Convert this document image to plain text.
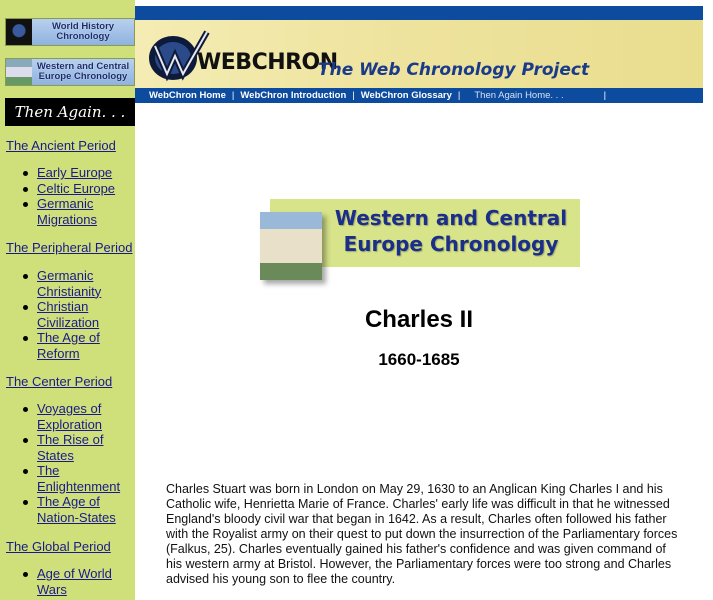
World History Chronology
Western and Central Europe Chronology
Then Again. . .
The Ancient Period
Early Europe
Celtic Europe
Germanic Migrations
The Peripheral Period
Germanic Christianity
Christian Civilization
The Age of Reform
The Center Period
Voyages of Exploration
The Rise of States
The Enlightenment
The Age of Nation-States
The Global Period
Age of World Wars
WEBCHRON
The Web Chronology Project
WebChron Home | WebChron Introduction | WebChron Glossary | Then Again Home. . .	|
Western and Central
Europe Chronology
Charles II
1660-1685

Charles Stuart was born in London on May 29, 1630 to an Anglican King Charles I and his Catholic wife, Henrietta Marie of France. Charles' early life was difficult in that he witnessed England's bloody civil war that began in 1642. As a result, Charles often followed his father with the Royalist army on their quest to put down the insurrection of the Parliamentary forces (Falkus, 25). Charles eventually gained his father's confidence and was given command of his western army at Bristol. However, the Parliamentary forces were too strong and Charles advised his young son to flee the country.
